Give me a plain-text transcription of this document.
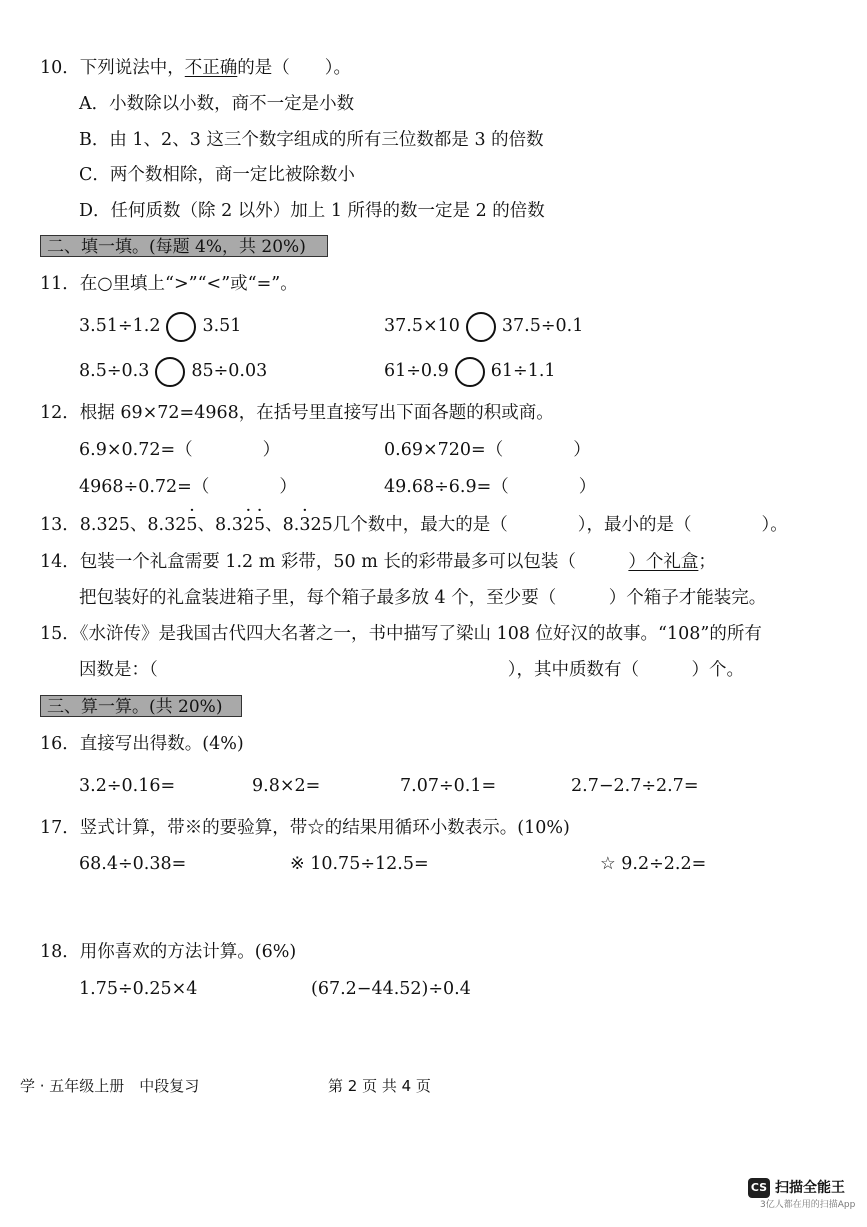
10．下列说法中，不正确的是（　　）。
A．小数除以小数，商不一定是小数
B．由 1、2、3 这三个数字组成的所有三位数都是 3 的倍数
C．两个数相除，商一定比被除数小
D．任何质数（除 2 以外）加上 1 所得的数一定是 2 的倍数
二、填一填。(每题 4%，共 20%)
11．在○里填上“>”“<”或“=”。
3.51÷1.2 3.51	37.5×10 37.5÷0.1
8.5÷0.3 85÷0.03	61÷0.9 61÷1.1
12．根据 69×72=4968，在括号里直接写出下面各题的积或商。
6.9×0.72=（　　　　）	0.69×720=（　　　　）
4968÷0.72=（　　　　）	49.68÷6.9=（　　　　）
13．8.325、8.325 ·、8.32 ·5 ·、8.3 ·25几个数中，最大的是（　　　　），最小的是（　　　　）。
14．包装一个礼盒需要 1.2 m 彩带，50 m 长的彩带最多可以包装（　　　）个礼盒；
把包装好的礼盒装进箱子里，每个箱子最多放 4 个，至少要（　　　）个箱子才能装完。
15．《水浒传》是我国古代四大名著之一，书中描写了梁山 108 位好汉的故事。“108”的所有
因数是：（　　　　　　　　　　　　　　　　　　　　），其中质数有（　　　）个。
三、算一算。(共 20%)
16．直接写出得数。(4%)
3.2÷0.16=	9.8×2=	7.07÷0.1=	2.7−2.7÷2.7=
17．竖式计算，带※的要验算，带☆的结果用循环小数表示。(10%)
68.4÷0.38=	※ 10.75÷12.5=	☆ 9.2÷2.2=
18．用你喜欢的方法计算。(6%)
1.75÷0.25×4	(67.2−44.52)÷0.4
学 · 五年级上册　中段复习	第 2 页 共 4 页
CS 扫描全能王
3亿人都在用的扫描App
